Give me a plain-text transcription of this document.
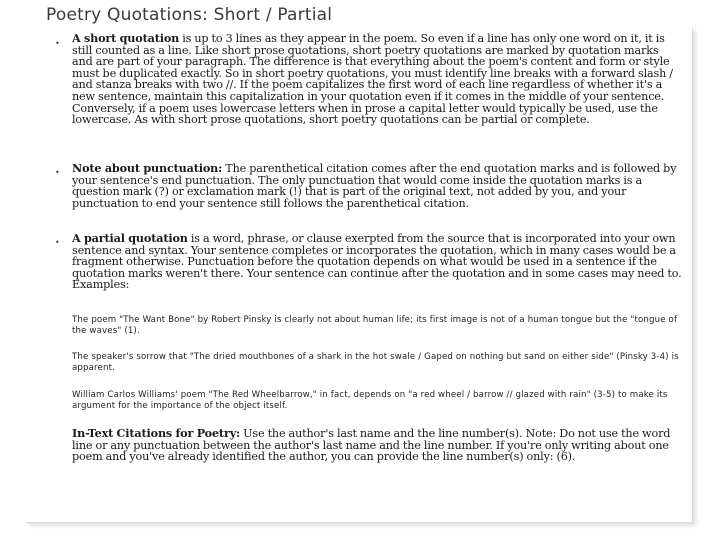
Poetry Quotations: Short / Partial
• A short quotation is up to 3 lines as they appear in the poem. So even if a line has only one word on it, it is still counted as a line. Like short prose quotations, short poetry quotations are marked by quotation marks and are part of your paragraph. The difference is that everything about the poem's content and form or style must be duplicated exactly. So in short poetry quotations, you must identify line breaks with a forward slash / and stanza breaks with two //. If the poem capitalizes the first word of each line regardless of whether it's a new sentence, maintain this capitalization in your quotation even if it comes in the middle of your sentence. Conversely, if a poem uses lowercase letters when in prose a capital letter would typically be used, use the lowercase. As with short prose quotations, short poetry quotations can be partial or complete.
• Note about punctuation: The parenthetical citation comes after the end quotation marks and is followed by your sentence's end punctuation. The only punctuation that would come inside the quotation marks is a question mark (?) or exclamation mark (!) that is part of the original text, not added by you, and your punctuation to end your sentence still follows the parenthetical citation.
• A partial quotation is a word, phrase, or clause exerpted from the source that is incorporated into your own sentence and syntax. Your sentence completes or incorporates the quotation, which in many cases would be a fragment otherwise. Punctuation before the quotation depends on what would be used in a sentence if the quotation marks weren't there. Your sentence can continue after the quotation and in some cases may need to. Examples:
The poem "The Want Bone" by Robert Pinsky is clearly not about human life; its first image is not of a human tongue but the "tongue of the waves" (1).
The speaker's sorrow that "The dried mouthbones of a shark in the hot swale / Gaped on nothing but sand on either side" (Pinsky 3-4) is apparent.
William Carlos Williams' poem "The Red Wheelbarrow," in fact, depends on "a red wheel / barrow // glazed with rain" (3-5) to make its argument for the importance of the object itself.
In-Text Citations for Poetry: Use the author's last name and the line number(s). Note: Do not use the word line or any punctuation between the author's last name and the line number. If you're only writing about one poem and you've already identified the author, you can provide the line number(s) only: (6).
